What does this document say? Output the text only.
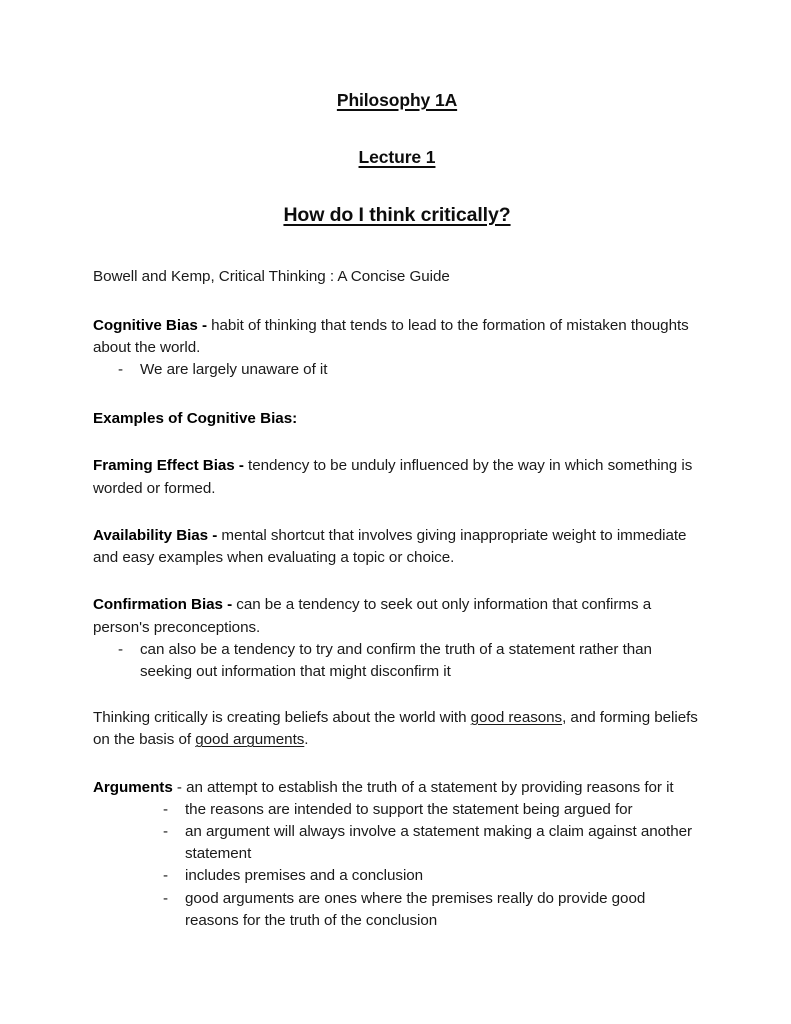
Philosophy 1A
Lecture 1
How do I think critically?

Bowell and Kemp, Critical Thinking : A Concise Guide

Cognitive Bias - habit of thinking that tends to lead to the formation of mistaken thoughts about the world.

- We are largely unaware of it

Examples of Cognitive Bias:

Framing Effect Bias - tendency to be unduly influenced by the way in which something is worded or formed.

Availability Bias - mental shortcut that involves giving inappropriate weight to immediate and easy examples when evaluating a topic or choice.

Confirmation Bias - can be a tendency to seek out only information that confirms a person's preconceptions.

- can also be a tendency to try and confirm the truth of a statement rather than seeking out information that might disconfirm it

Thinking critically is creating beliefs about the world with good reasons, and forming beliefs on the basis of good arguments.

Arguments - an attempt to establish the truth of a statement by providing reasons for it

- the reasons are intended to support the statement being argued for
- an argument will always involve a statement making a claim against another statement
- includes premises and a conclusion
- good arguments are ones where the premises really do provide good reasons for the truth of the conclusion
